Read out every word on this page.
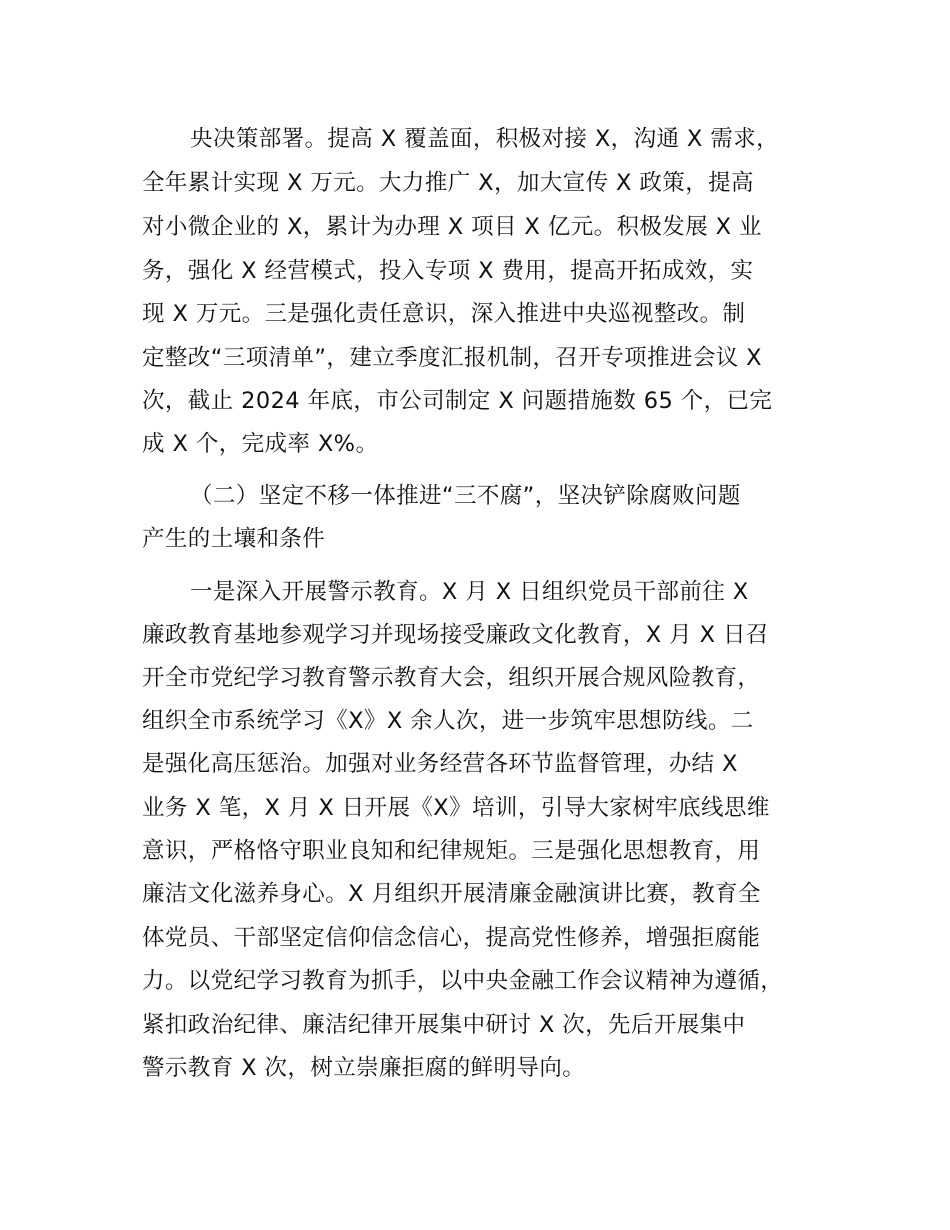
央决策部署。提高 X 覆盖面，积极对接 X，沟通 X 需求，
全年累计实现 X 万元。大力推广 X，加大宣传 X 政策，提高
对小微企业的 X，累计为办理 X 项目 X 亿元。积极发展 X 业
务，强化 X 经营模式，投入专项 X 费用，提高开拓成效，实
现 X 万元。三是强化责任意识，深入推进中央巡视整改。制
定整改“三项清单”，建立季度汇报机制，召开专项推进会议 X
次，截止 2024 年底，市公司制定 X 问题措施数 65 个，已完
成 X 个，完成率 X%。
（二）坚定不移一体推进“三不腐”，坚决铲除腐败问题
产生的土壤和条件
一是深入开展警示教育。X 月 X 日组织党员干部前往 X
廉政教育基地参观学习并现场接受廉政文化教育，X 月 X 日召
开全市党纪学习教育警示教育大会，组织开展合规风险教育，
组织全市系统学习《X》X 余人次，进一步筑牢思想防线。二
是强化高压惩治。加强对业务经营各环节监督管理，办结 X
业务 X 笔，X 月 X 日开展《X》培训，引导大家树牢底线思维
意识，严格恪守职业良知和纪律规矩。三是强化思想教育，用
廉洁文化滋养身心。X 月组织开展清廉金融演讲比赛，教育全
体党员、干部坚定信仰信念信心，提高党性修养，增强拒腐能
力。以党纪学习教育为抓手，以中央金融工作会议精神为遵循，
紧扣政治纪律、廉洁纪律开展集中研讨 X 次，先后开展集中
警示教育 X 次，树立崇廉拒腐的鲜明导向。
